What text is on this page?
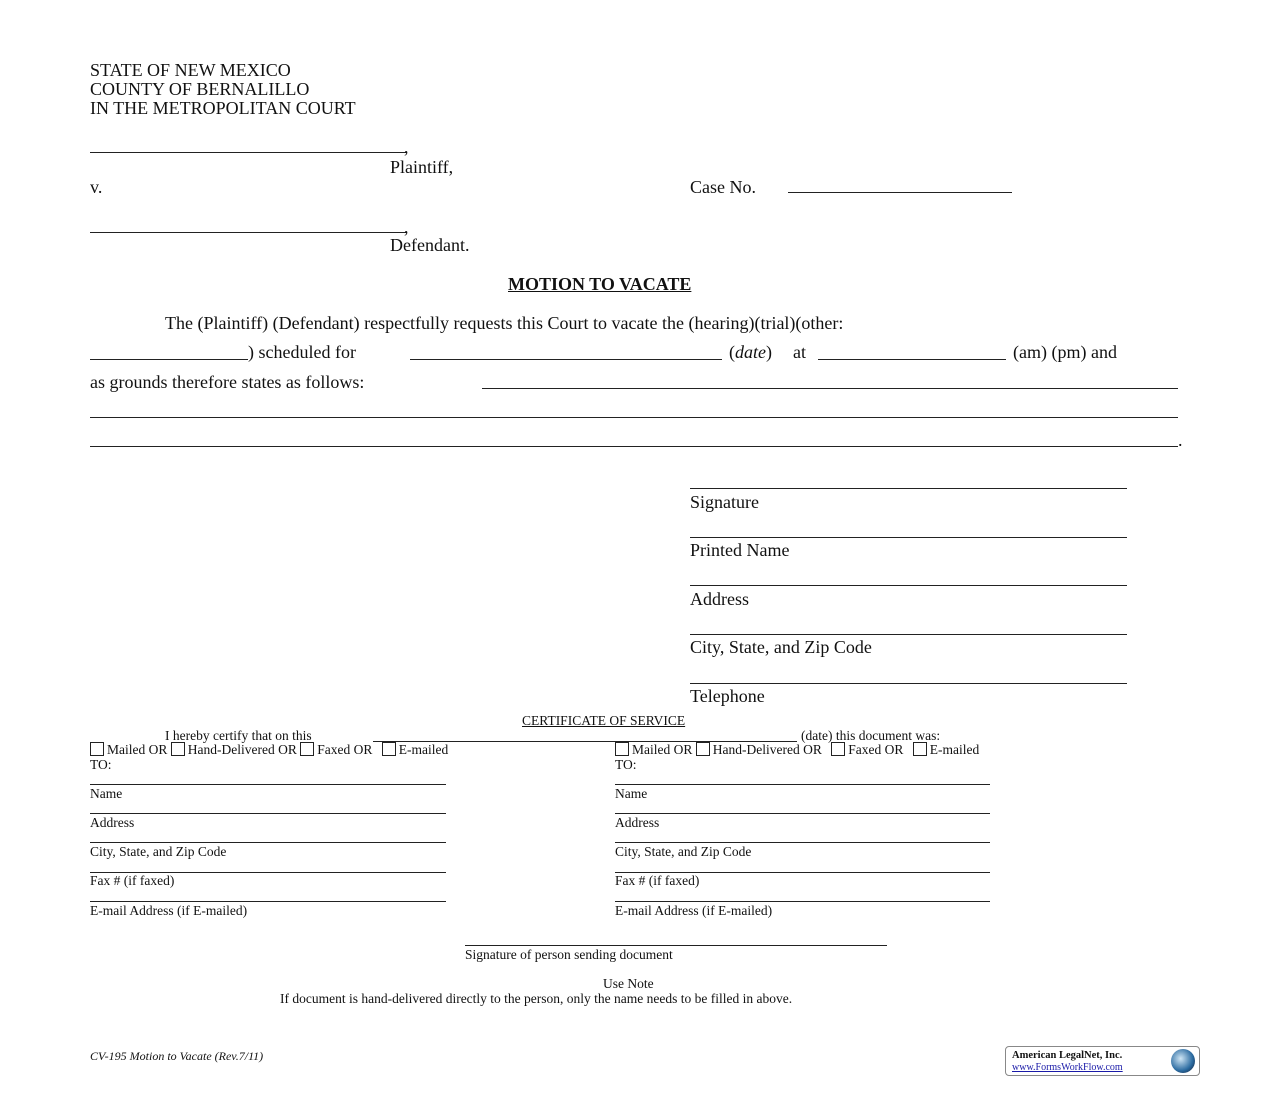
STATE OF NEW MEXICO
COUNTY OF BERNALILLO
IN THE METROPOLITAN COURT
,
Plaintiff,
v.	Case No.
,
Defendant.
MOTION TO VACATE
The (Plaintiff) (Defendant) respectfully requests this Court to vacate the (hearing)(trial)(other:
) scheduled for	(date) at	(am) (pm) and
as grounds therefore states as follows:
.
Signature
Printed Name
Address
City, State, and Zip Code
Telephone
CERTIFICATE OF SERVICE
I hereby certify that on this	(date) this document was:
Mailed OR Hand-Delivered OR Faxed OR E-mailed
TO:
Name
Address
City, State, and Zip Code
Fax # (if faxed)
E-mail Address (if E-mailed)
Mailed OR Hand-Delivered OR Faxed OR E-mailed
TO:
Name
Address
City, State, and Zip Code
Fax # (if faxed)
E-mail Address (if E-mailed)
Signature of person sending document
Use Note
If document is hand-delivered directly to the person, only the name needs to be filled in above.
CV-195 Motion to Vacate (Rev.7/11)	American LegalNet, Inc.
www.FormsWorkFlow.com
